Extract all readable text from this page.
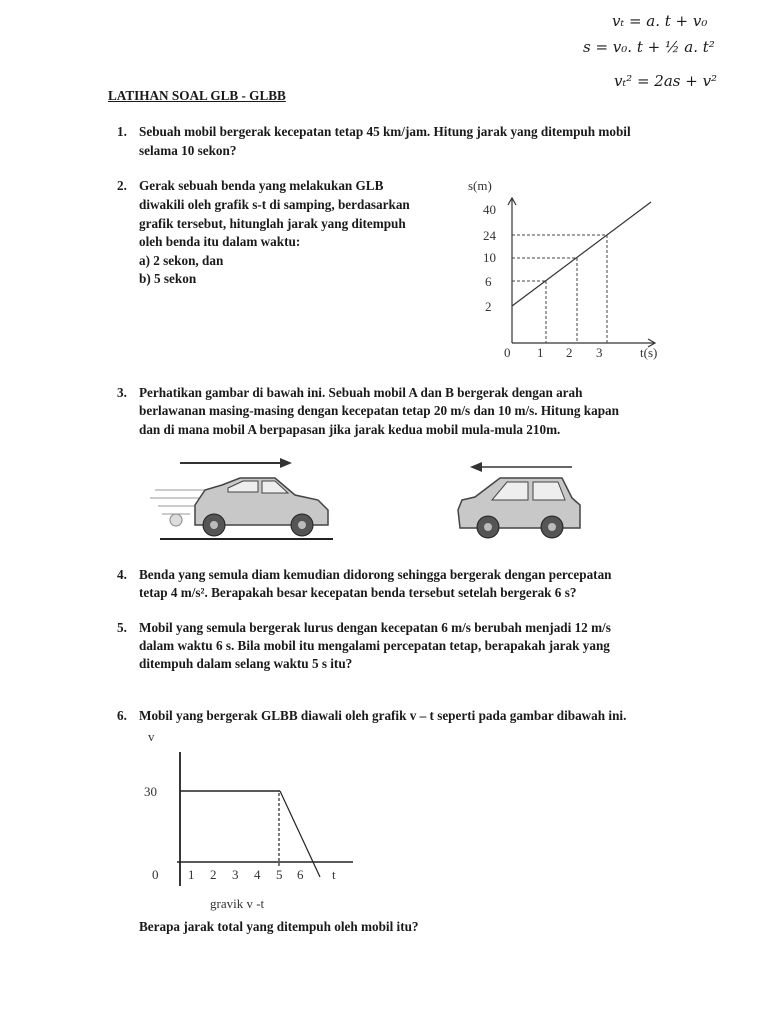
vₜ = a. t + v₀
s = v₀. t + ½ a. t²
vₜ² = 2as + v²
LATIHAN SOAL GLB - GLBB
1. Sebuah mobil bergerak kecepatan tetap 45 km/jam. Hitung jarak yang ditempuh mobil
selama 10 sekon?
2. Gerak sebuah benda yang melakukan GLB
diwakili oleh grafik s-t di samping, berdasarkan
grafik tersebut, hitunglah jarak yang ditempuh
oleh benda itu dalam waktu:
a) 2 sekon, dan
b) 5 sekon
s(m)
40
24
10
6
2
0 1 2 3	t(s)
3. Perhatikan gambar di bawah ini. Sebuah mobil A dan B bergerak dengan arah
berlawanan masing-masing dengan kecepatan tetap 20 m/s dan 10 m/s. Hitung kapan
dan di mana mobil A berpapasan jika jarak kedua mobil mula-mula 210m.
4. Benda yang semula diam kemudian didorong sehingga bergerak dengan percepatan
tetap 4 m/s². Berapakah besar kecepatan benda tersebut setelah bergerak 6 s?
5. Mobil yang semula bergerak lurus dengan kecepatan 6 m/s berubah menjadi 12 m/s
dalam waktu 6 s. Bila mobil itu mengalami percepatan tetap, berapakah jarak yang
ditempuh dalam selang waktu 5 s itu?
6. Mobil yang bergerak GLBB diawali oleh grafik v – t seperti pada gambar dibawah ini.
v
30
0 1 2 3 4 5 6 t
gravik v -t
Berapa jarak total yang ditempuh oleh mobil itu?
